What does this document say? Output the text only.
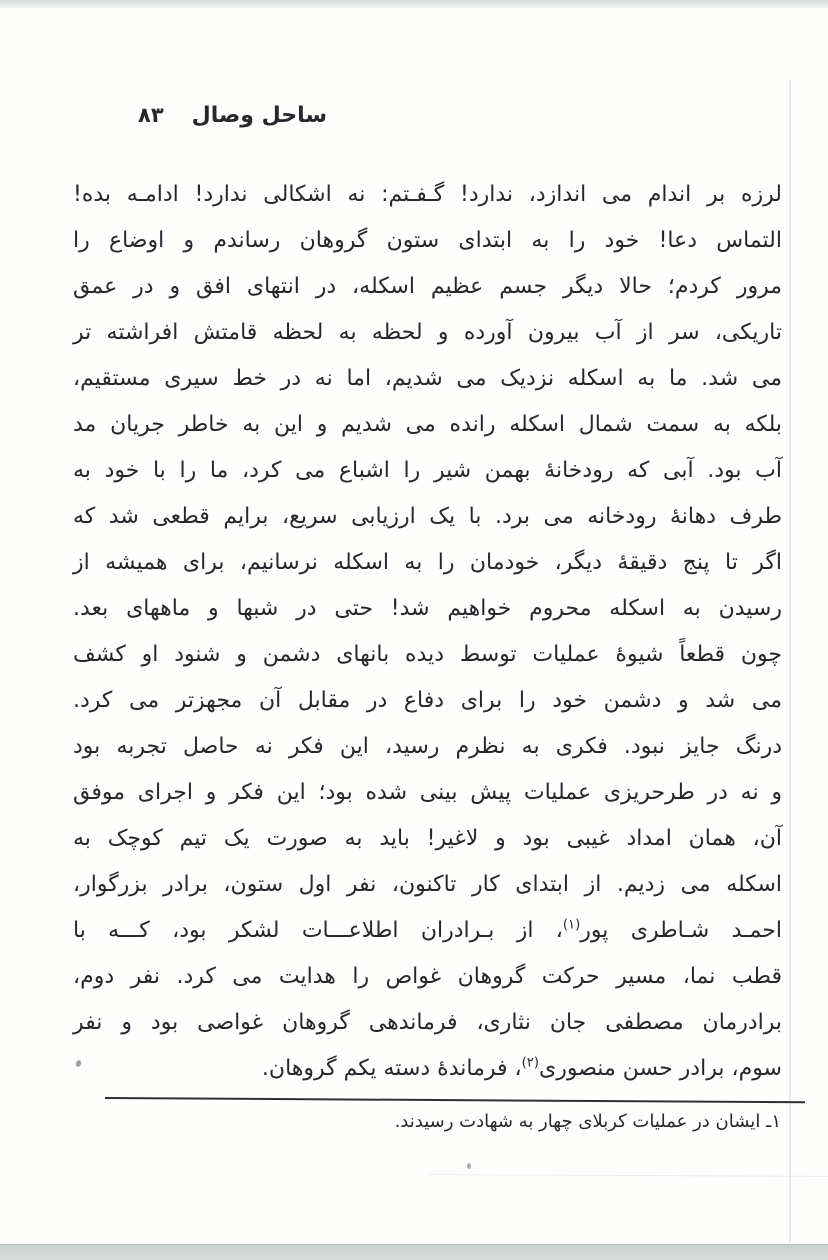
ساحل وصال
۸۳
لرزه بر اندام می اندازد، ندارد! گـفـتم: نه اشکالی ندارد! ادامـه بده!
التماس دعا! خود را به ابتدای ستون گروهان رساندم و اوضاع را
مرور کردم؛ حالا دیگر جسم عظیم اسکله، در انتهای افق و در عمق
تاریکی، سر از آب بیرون آورده و لحظه به لحظه قامتش افراشته تر
می شد. ما به اسکله نزدیک می شدیم، اما نه در خط سیری مستقیم،
بلکه به سمت شمال اسکله رانده می شدیم و این به خاطر جریان مد
آب بود. آبی که رودخانهٔ بهمن شیر را اشباع می کرد، ما را با خود به
طرف دهانهٔ رودخانه می برد. با یک ارزیابی سریع، برایم قطعی شد که
اگر تا پنج دقیقهٔ دیگر، خودمان را به اسکله نرسانیم، برای همیشه از
رسیدن به اسکله محروم خواهیم شد! حتی در شبها و ماههای بعد.
چون قطعاً شیوهٔ عملیات توسط دیده بانهای دشمن و شنود او کشف
می شد و دشمن خود را برای دفاع در مقابل آن مجهزتر می کرد.
درنگ جایز نبود. فکری به نظرم رسید، این فکر نه حاصل تجربه بود
و نه در طرحریزی عملیات پیش بینی شده بود؛ این فکر و اجرای موفق
آن، همان امداد غیبی بود و لاغیر! باید به صورت یک تیم کوچک به
اسکله می زدیم. از ابتدای کار تاکنون، نفر اول ستون، برادر بزرگوار،
احمـد شـاطری پور$^{(۱)}$، از بـرادران اطلاعـــات لشکر بود، کـــه با
قطب نما، مسیر حرکت گروهان غواص را هدایت می کرد. نفر دوم،
برادرمان مصطفی جان نثاری، فرماندهی گروهان غواصی بود و نفر
سوم، برادر حسن منصوری$^{(۲)}$، فرماندهٔ دسته یکم گروهان.
۱ـ ایشان در عملیات کربلای چهار به شهادت رسیدند.
